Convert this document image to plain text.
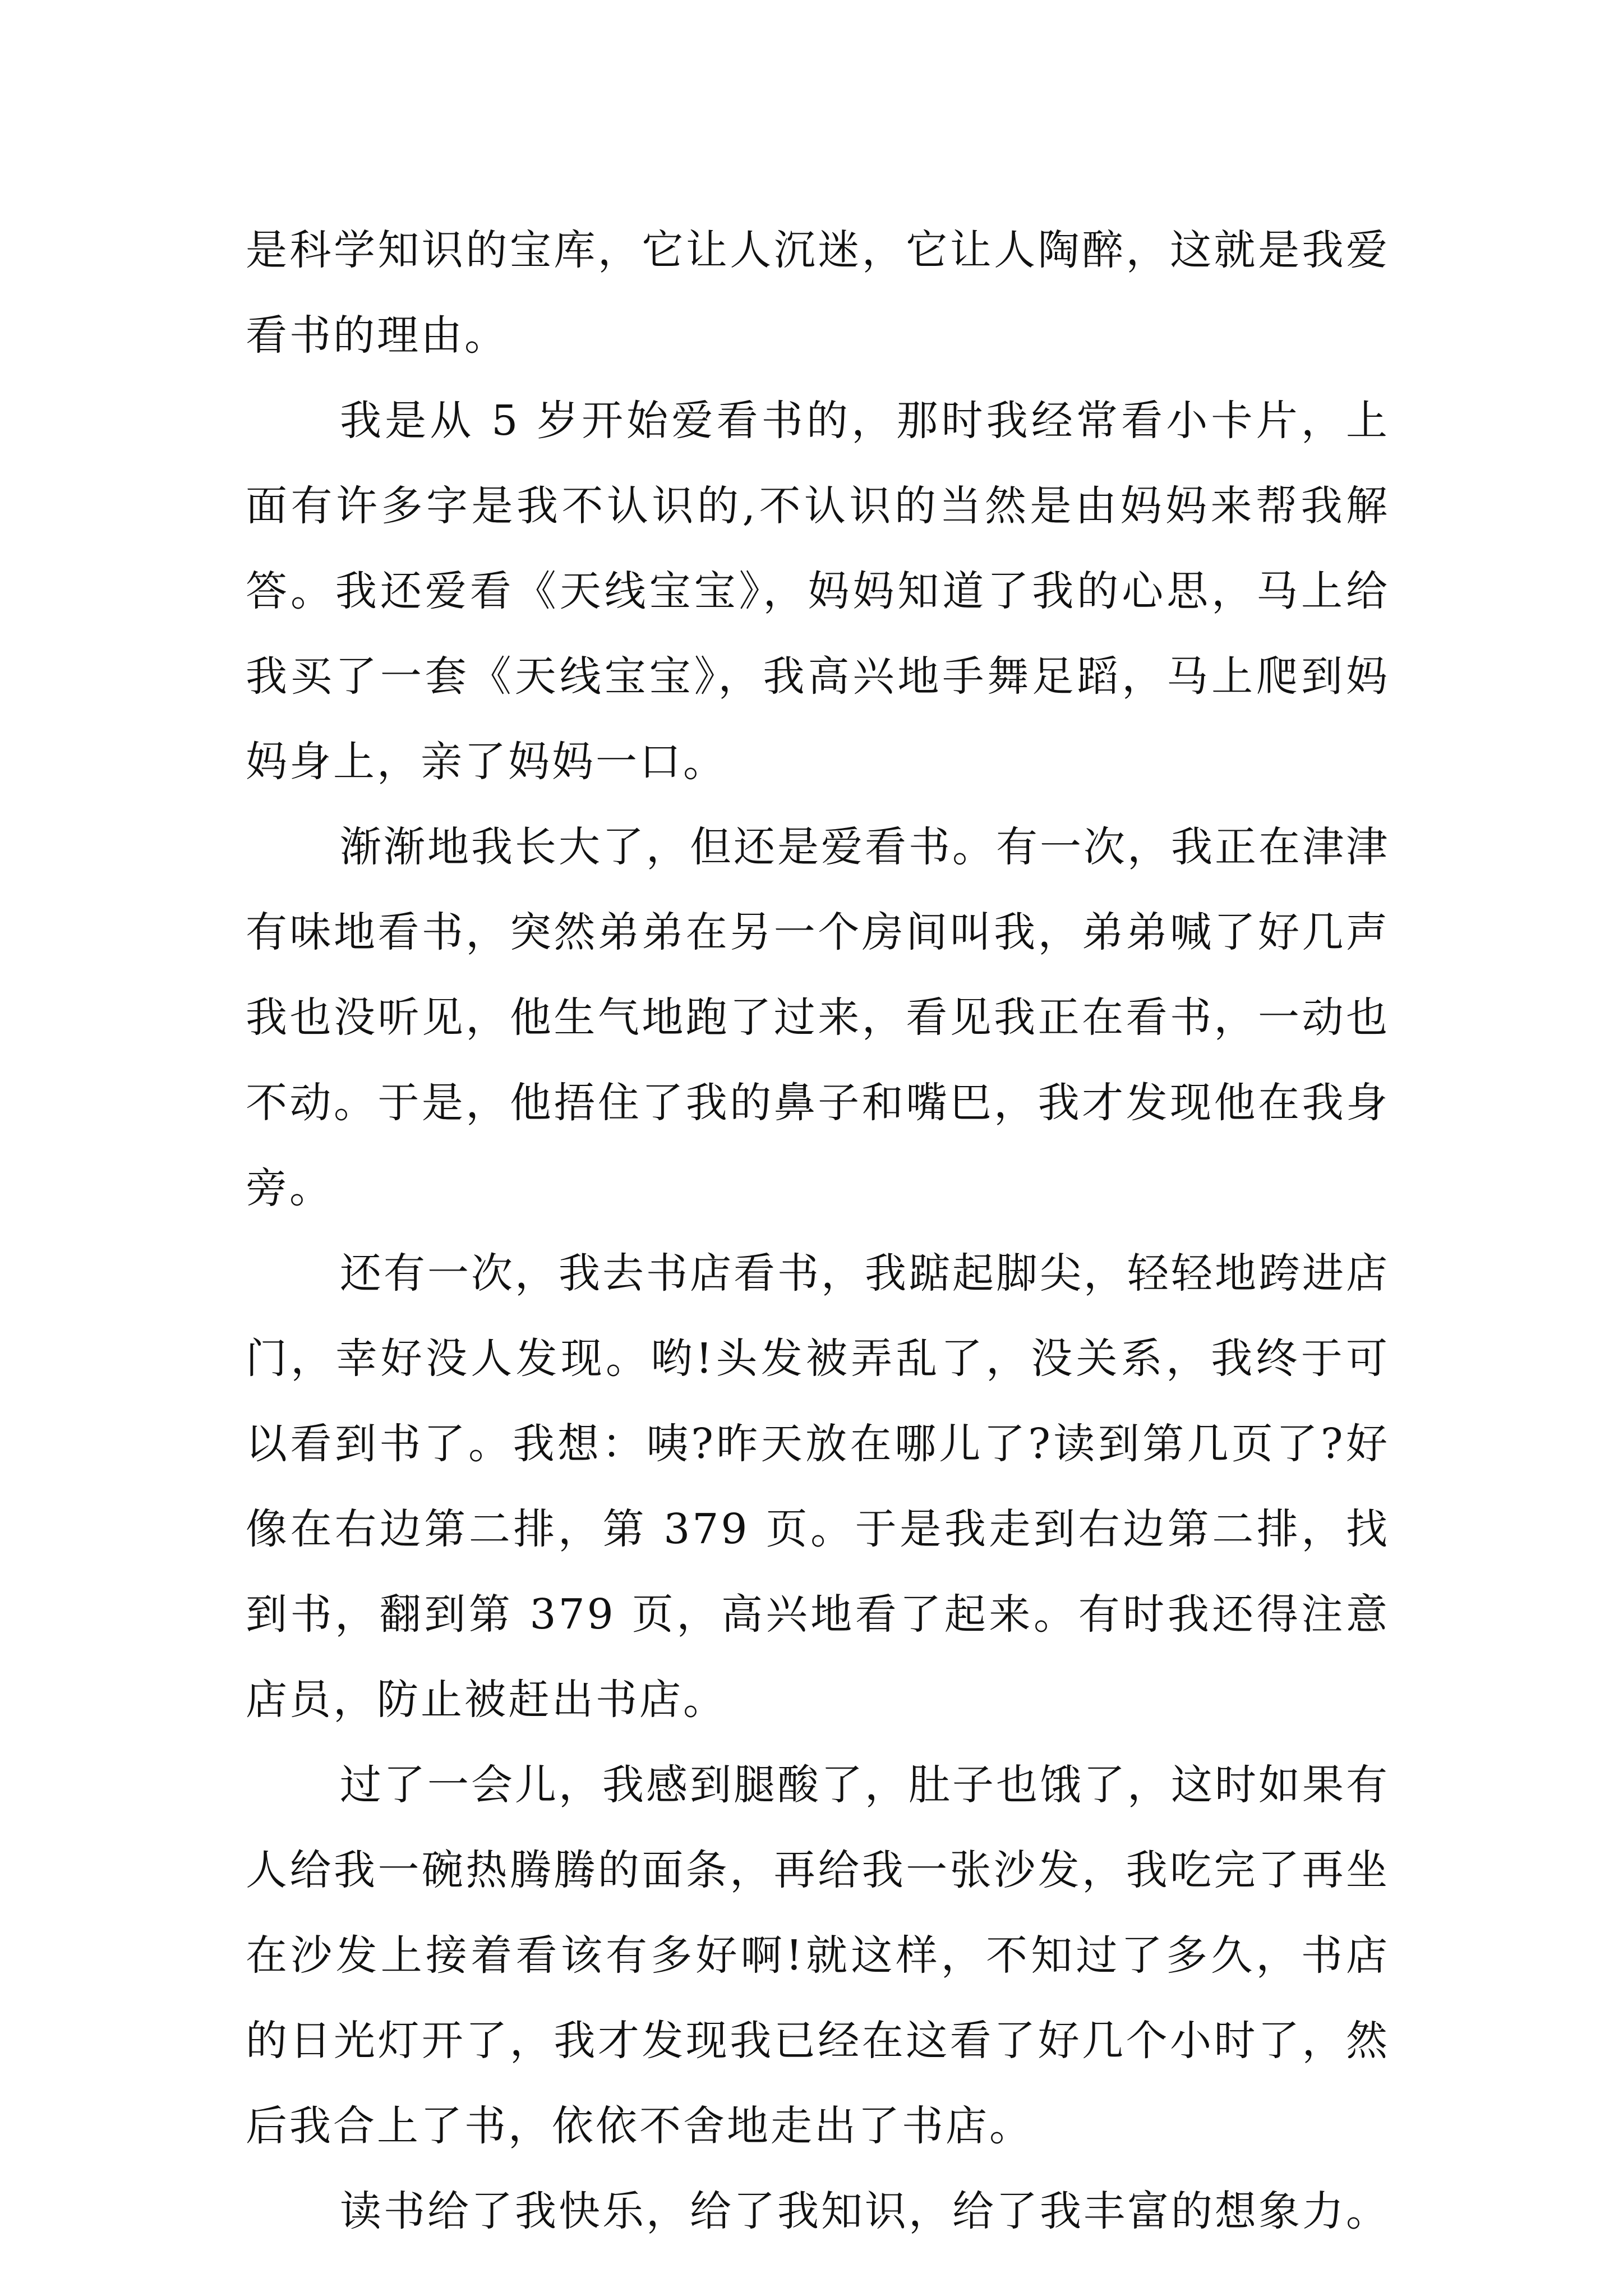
是科学知识的宝库，它让人沉迷，它让人陶醉，这就是我爱看书的理由。

我是从 5 岁开始爱看书的，那时我经常看小卡片，上面有许多字是我不认识的,不认识的当然是由妈妈来帮我解答。我还爱看《天线宝宝》，妈妈知道了我的心思，马上给我买了一套《天线宝宝》，我高兴地手舞足蹈，马上爬到妈妈身上，亲了妈妈一口。

渐渐地我长大了，但还是爱看书。有一次，我正在津津有味地看书，突然弟弟在另一个房间叫我，弟弟喊了好几声我也没听见，他生气地跑了过来，看见我正在看书，一动也不动。于是，他捂住了我的鼻子和嘴巴，我才发现他在我身旁。

还有一次，我去书店看书，我踮起脚尖，轻轻地跨进店门，幸好没人发现。哟!头发被弄乱了，没关系，我终于可以看到书了。我想：咦?昨天放在哪儿了?读到第几页了?好像在右边第二排，第 379 页。于是我走到右边第二排，找到书，翻到第 379 页，高兴地看了起来。有时我还得注意店员，防止被赶出书店。

过了一会儿，我感到腿酸了，肚子也饿了，这时如果有人给我一碗热腾腾的面条，再给我一张沙发，我吃完了再坐在沙发上接着看该有多好啊!就这样，不知过了多久，书店的日光灯开了，我才发现我已经在这看了好几个小时了，然后我合上了书，依依不舍地走出了书店。

读书给了我快乐，给了我知识，给了我丰富的想象力。
